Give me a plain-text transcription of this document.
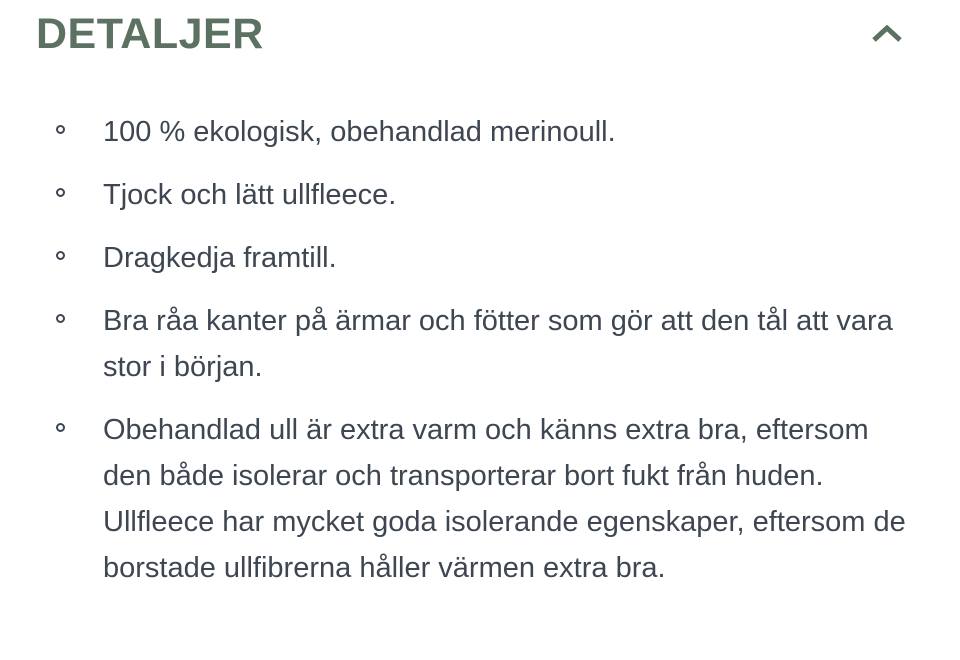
DETALJER
100 % ekologisk, obehandlad merinoull.
Tjock och lätt ullfleece.
Dragkedja framtill.
Bra råa kanter på ärmar och fötter som gör att den tål att vara stor i början.
Obehandlad ull är extra varm och känns extra bra, eftersom den både isolerar och transporterar bort fukt från huden. Ullfleece har mycket goda isolerande egenskaper, eftersom de borstade ullfibrerna håller värmen extra bra.
